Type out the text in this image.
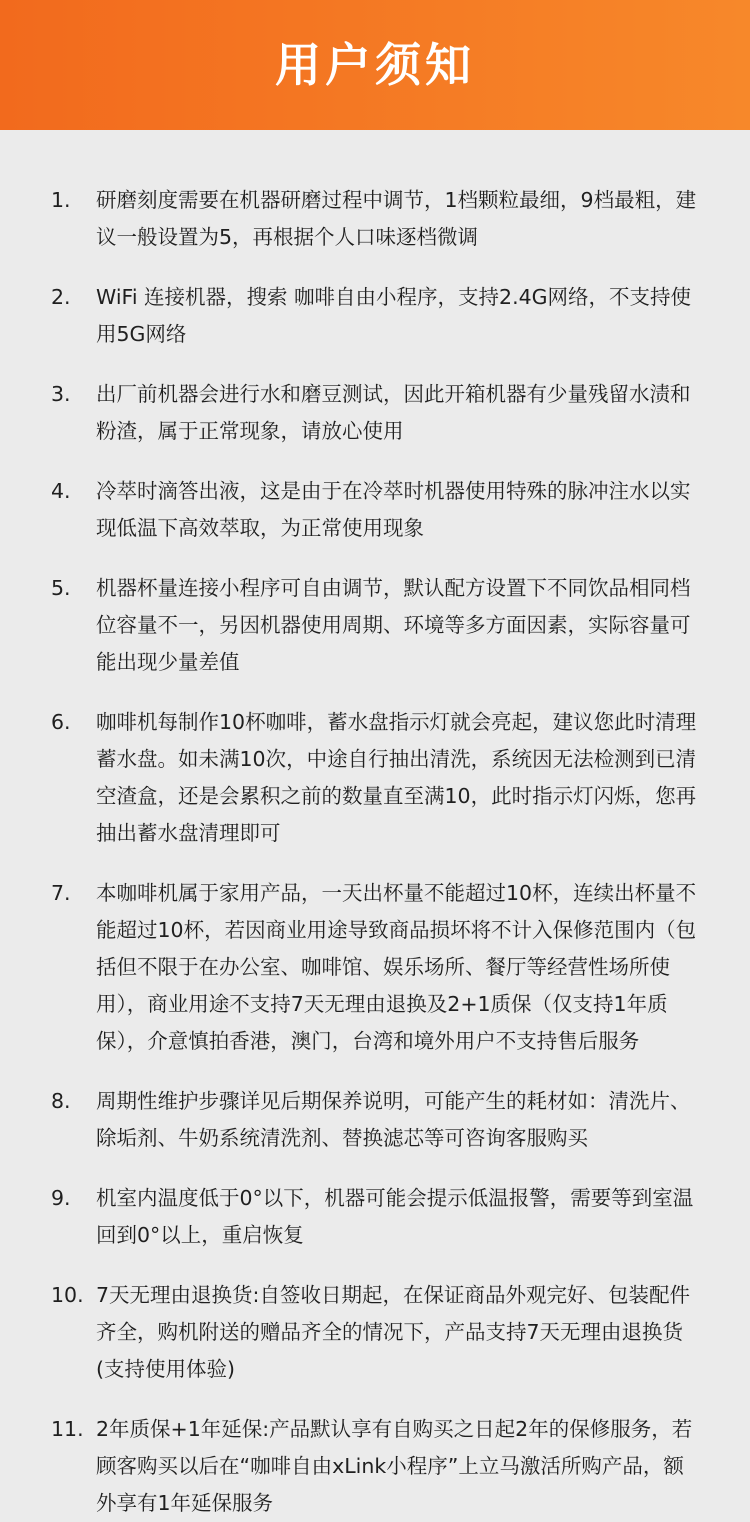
用户须知
1.	研磨刻度需要在机器研磨过程中调节，1档颗粒最细，9档最粗，建议一般设置为5，再根据个人口味逐档微调
2.	WiFi 连接机器，搜索 咖啡自由小程序，支持2.4G网络，不支持使用5G网络
3.	出厂前机器会进行水和磨豆测试，因此开箱机器有少量残留水渍和粉渣，属于正常现象，请放心使用
4.	冷萃时滴答出液，这是由于在冷萃时机器使用特殊的脉冲注水以实现低温下高效萃取，为正常使用现象
5.	机器杯量连接小程序可自由调节，默认配方设置下不同饮品相同档位容量不一，另因机器使用周期、环境等多方面因素，实际容量可能出现少量差值
6.	咖啡机每制作10杯咖啡，蓄水盘指示灯就会亮起，建议您此时清理蓄水盘。如未满10次，中途自行抽出清洗，系统因无法检测到已清空渣盒，还是会累积之前的数量直至满10，此时指示灯闪烁，您再抽出蓄水盘清理即可
7.	本咖啡机属于家用产品，一天出杯量不能超过10杯，连续出杯量不能超过10杯，若因商业用途导致商品损坏将不计入保修范围内（包括但不限于在办公室、咖啡馆、娱乐场所、餐厅等经营性场所使用），商业用途不支持7天无理由退换及2+1质保（仅支持1年质保），介意慎拍香港，澳门，台湾和境外用户不支持售后服务
8.	周期性维护步骤详见后期保养说明，可能产生的耗材如：清洗片、除垢剂、牛奶系统清洗剂、替换滤芯等可咨询客服购买
9.	机室内温度低于0°以下，机器可能会提示低温报警，需要等到室温回到0°以上，重启恢复
10. 7天无理由退换货:自签收日期起，在保证商品外观完好、包装配件齐全，购机附送的赠品齐全的情况下，产品支持7天无理由退换货(支持使用体验)
11. 2年质保+1年延保:产品默认享有自购买之日起2年的保修服务，若顾客购买以后在“咖啡自由xLink小程序”上立马激活所购产品，额外享有1年延保服务
